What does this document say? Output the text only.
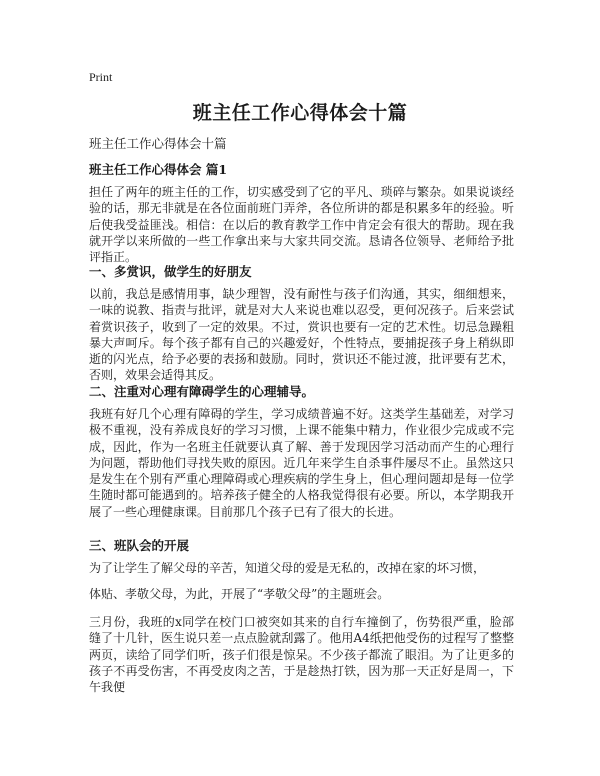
Print
班主任工作心得体会十篇
班主任工作心得体会十篇
班主任工作心得体会 篇1
担任了两年的班主任的工作，切实感受到了它的平凡、琐碎与繁杂。如果说谈经验的话，那无非就是在各位面前班门弄斧，各位所讲的都是积累多年的经验。听后使我受益匪浅。相信：在以后的教育教学工作中肯定会有很大的帮助。现在我就开学以来所做的一些工作拿出来与大家共同交流。恳请各位领导、老师给予批评指正。
一、多赏识，做学生的好朋友
以前，我总是感情用事，缺少理智，没有耐性与孩子们沟通，其实，细细想来，一味的说教、指责与批评，就是对大人来说也难以忍受，更何况孩子。后来尝试着赏识孩子，收到了一定的效果。不过，赏识也要有一定的艺术性。切忌急躁粗暴大声呵斥。每个孩子都有自己的兴趣爱好，个性特点，要捕捉孩子身上稍纵即逝的闪光点，给予必要的表扬和鼓励。同时，赏识还不能过渡，批评要有艺术，否则，效果会适得其反。
二、注重对心理有障碍学生的心理辅导。
我班有好几个心理有障碍的学生，学习成绩普遍不好。这类学生基础差，对学习极不重视，没有养成良好的学习习惯，上课不能集中精力，作业很少完成或不完成，因此，作为一名班主任就要认真了解、善于发现因学习活动而产生的心理行为问题，帮助他们寻找失败的原因。近几年来学生自杀事件屡尽不止。虽然这只是发生在个别有严重心理障碍或心理疾病的学生身上，但心理问题却是每一位学生随时都可能遇到的。培养孩子健全的人格我觉得很有必要。所以，本学期我开展了一些心理健康课。目前那几个孩子已有了很大的长进。
三、班队会的开展
为了让学生了解父母的辛苦，知道父母的爱是无私的，改掉在家的坏习惯，
体贴、孝敬父母，为此，开展了“孝敬父母”的主题班会。
三月份，我班的x同学在校门口被突如其来的自行车撞倒了，伤势很严重，脸部缝了十几针，医生说只差一点点脸就刮露了。他用A4纸把他受伤的过程写了整整两页，读给了同学们听，孩子们很是惊呆。不少孩子都流了眼泪。为了让更多的孩子不再受伤害，不再受皮肉之苦，于是趁热打铁，因为那一天正好是周一，下午我便
